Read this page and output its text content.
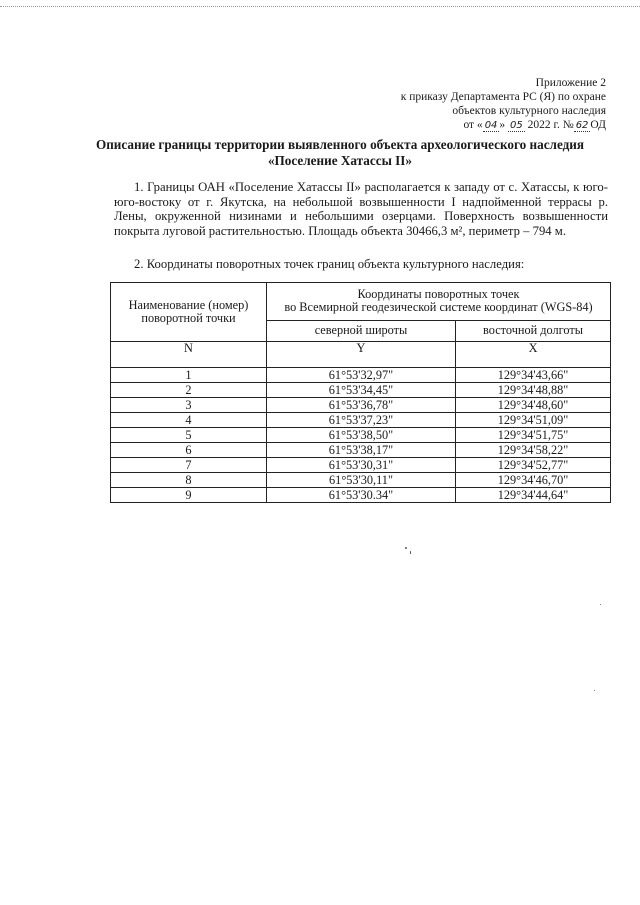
Приложение 2
к приказу Департамента РС (Я) по охране
объектов культурного наследия
от « 04 » 05 2022 г. № 62 ОД
Описание границы территории выявленного объекта археологического наследия
«Поселение Хатассы II»
1. Границы ОАН «Поселение Хатассы II» располагается к западу от с. Хатассы, к юго-юго-востоку от г. Якутска, на небольшой возвышенности I надпойменной террасы р. Лены, окруженной низинами и небольшими озерцами. Поверхность возвышенности покрыта луговой растительностью. Площадь объекта 30466,3 м², периметр – 794 м.
2. Координаты поворотных точек границ объекта культурного наследия:
Наименование (номер) поворотной точки	Координаты поворотных точек
во Всемирной геодезической системе координат (WGS-84)	

	северной широты	восточной долготы
N	Y	X
1	61°53'32,97"	129°34'43,66"
2	61°53'34,45"	129°34'48,88"
3	61°53'36,78"	129°34'48,60"
4	61°53'37,23"	129°34'51,09"
5	61°53'38,50"	129°34'51,75"
6	61°53'38,17"	129°34'58,22"
7	61°53'30,31"	129°34'52,77"
8	61°53'30,11"	129°34'46,70"
9	61°53'30.34"	129°34'44,64"
